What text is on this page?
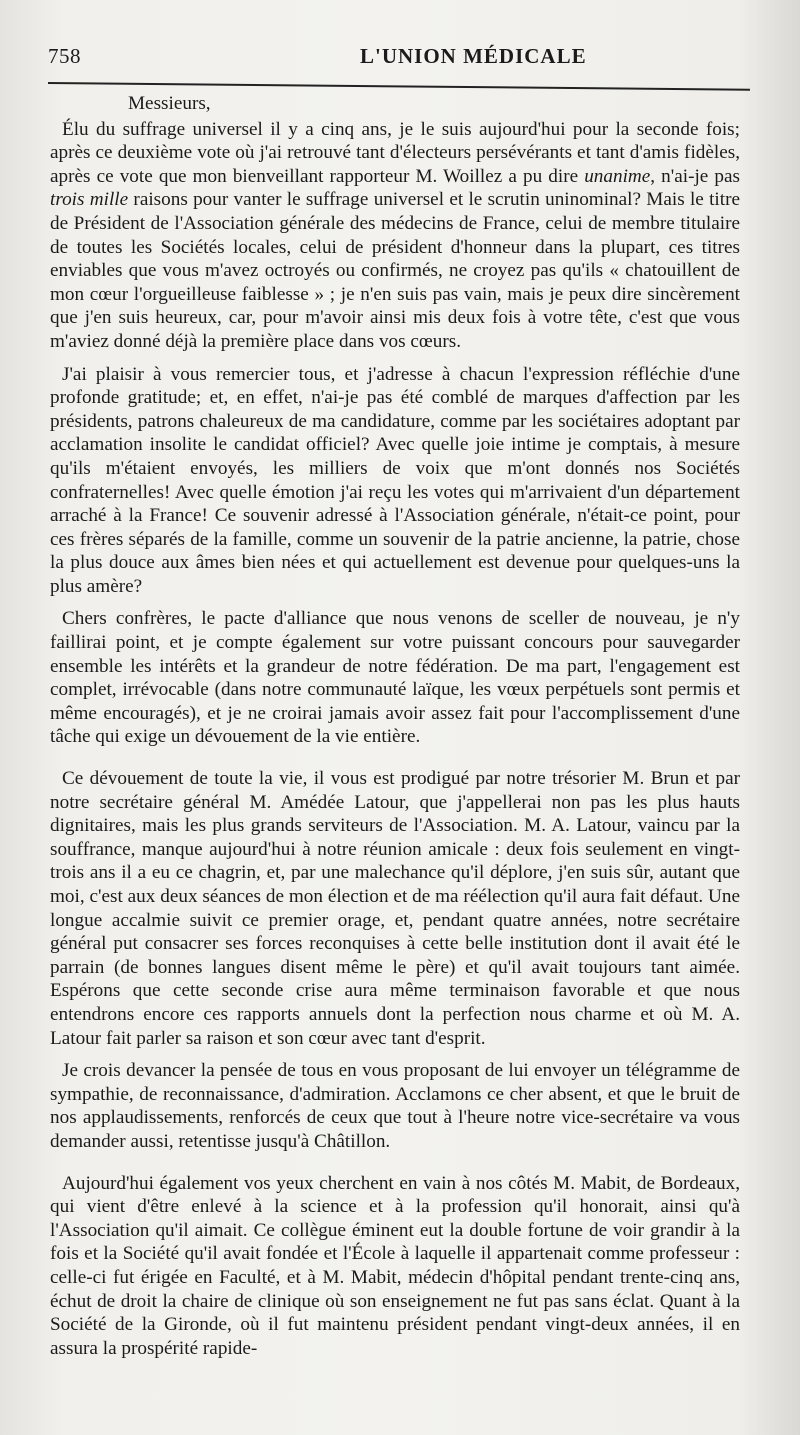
758	L'UNION MÉDICALE

Messieurs,

Élu du suffrage universel il y a cinq ans, je le suis aujourd'hui pour la seconde fois; après ce deuxième vote où j'ai retrouvé tant d'électeurs persévérants et tant d'amis fidèles, après ce vote que mon bienveillant rapporteur M. Woillez a pu dire unanime, n'ai-je pas trois mille raisons pour vanter le suffrage universel et le scrutin uninominal? Mais le titre de Président de l'Association générale des médecins de France, celui de membre titulaire de toutes les Sociétés locales, celui de président d'honneur dans la plupart, ces titres enviables que vous m'avez octroyés ou confirmés, ne croyez pas qu'ils « chatouillent de mon cœur l'orgueilleuse faiblesse » ; je n'en suis pas vain, mais je peux dire sincèrement que j'en suis heureux, car, pour m'avoir ainsi mis deux fois à votre tête, c'est que vous m'aviez donné déjà la première place dans vos cœurs.

J'ai plaisir à vous remercier tous, et j'adresse à chacun l'expression réfléchie d'une profonde gratitude; et, en effet, n'ai-je pas été comblé de marques d'affection par les présidents, patrons chaleureux de ma candidature, comme par les sociétaires adoptant par acclamation insolite le candidat officiel? Avec quelle joie intime je comptais, à mesure qu'ils m'étaient envoyés, les milliers de voix que m'ont donnés nos Sociétés confraternelles! Avec quelle émotion j'ai reçu les votes qui m'arrivaient d'un département arraché à la France! Ce souvenir adressé à l'Association générale, n'était-ce point, pour ces frères séparés de la famille, comme un souvenir de la patrie ancienne, la patrie, chose la plus douce aux âmes bien nées et qui actuellement est devenue pour quelques-uns la plus amère?

Chers confrères, le pacte d'alliance que nous venons de sceller de nouveau, je n'y faillirai point, et je compte également sur votre puissant concours pour sauvegarder ensemble les intérêts et la grandeur de notre fédération. De ma part, l'engagement est complet, irrévocable (dans notre communauté laïque, les vœux perpétuels sont permis et même encouragés), et je ne croirai jamais avoir assez fait pour l'accomplissement d'une tâche qui exige un dévouement de la vie entière.

Ce dévouement de toute la vie, il vous est prodigué par notre trésorier M. Brun et par notre secrétaire général M. Amédée Latour, que j'appellerai non pas les plus hauts dignitaires, mais les plus grands serviteurs de l'Association. M. A. Latour, vaincu par la souffrance, manque aujourd'hui à notre réunion amicale : deux fois seulement en vingt-trois ans il a eu ce chagrin, et, par une malechance qu'il déplore, j'en suis sûr, autant que moi, c'est aux deux séances de mon élection et de ma réélection qu'il aura fait défaut. Une longue accalmie suivit ce premier orage, et, pendant quatre années, notre secrétaire général put consacrer ses forces reconquises à cette belle institution dont il avait été le parrain (de bonnes langues disent même le père) et qu'il avait toujours tant aimée. Espérons que cette seconde crise aura même terminaison favorable et que nous entendrons encore ces rapports annuels dont la perfection nous charme et où M. A. Latour fait parler sa raison et son cœur avec tant d'esprit.

Je crois devancer la pensée de tous en vous proposant de lui envoyer un télégramme de sympathie, de reconnaissance, d'admiration. Acclamons ce cher absent, et que le bruit de nos applaudissements, renforcés de ceux que tout à l'heure notre vice-secrétaire va vous demander aussi, retentisse jusqu'à Châtillon.

Aujourd'hui également vos yeux cherchent en vain à nos côtés M. Mabit, de Bordeaux, qui vient d'être enlevé à la science et à la profession qu'il honorait, ainsi qu'à l'Association qu'il aimait. Ce collègue éminent eut la double fortune de voir grandir à la fois et la Société qu'il avait fondée et l'École à laquelle il appartenait comme professeur : celle-ci fut érigée en Faculté, et à M. Mabit, médecin d'hôpital pendant trente-cinq ans, échut de droit la chaire de clinique où son enseignement ne fut pas sans éclat. Quant à la Société de la Gironde, où il fut maintenu président pendant vingt-deux années, il en assura la prospérité rapide-
